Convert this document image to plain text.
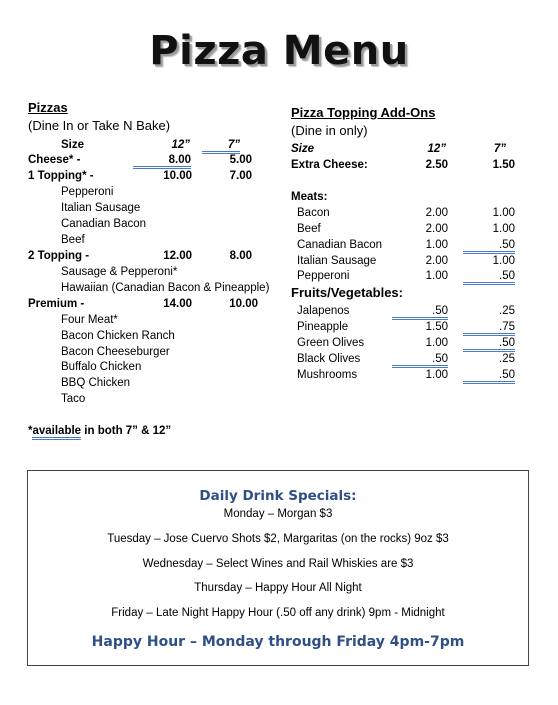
Pizza Menu
Pizzas
(Dine In or Take N Bake)
Size	12”	7”
Cheese* -	8.00	5.00
1 Topping* -	10.00	7.00
Pepperoni
Italian Sausage
Canadian Bacon
Beef
2 Topping -	12.00	8.00
Sausage & Pepperoni*
Hawaiian (Canadian Bacon & Pineapple)
Premium -	14.00	10.00
Four Meat*
Bacon Chicken Ranch
Bacon Cheeseburger
Buffalo Chicken
BBQ Chicken
Taco
*available in both 7” & 12”
Pizza Topping Add-Ons
(Dine in only)
Size	12”	7”
Extra Cheese:	2.50	1.50
Meats:
Bacon	2.00	1.00
Beef	2.00	1.00
Canadian Bacon	1.00	.50
Italian Sausage	2.00	1.00
Pepperoni	1.00	.50
Fruits/Vegetables:
Jalapenos	.50	.25
Pineapple	1.50	.75
Green Olives	1.00	.50
Black Olives	.50	.25
Mushrooms	1.00	.50
Daily Drink Specials:
Monday – Morgan $3
Tuesday – Jose Cuervo Shots $2, Margaritas (on the rocks) 9oz $3
Wednesday – Select Wines and Rail Whiskies are $3
Thursday – Happy Hour All Night
Friday – Late Night Happy Hour (.50 off any drink) 9pm - Midnight
Happy Hour – Monday through Friday 4pm-7pm
